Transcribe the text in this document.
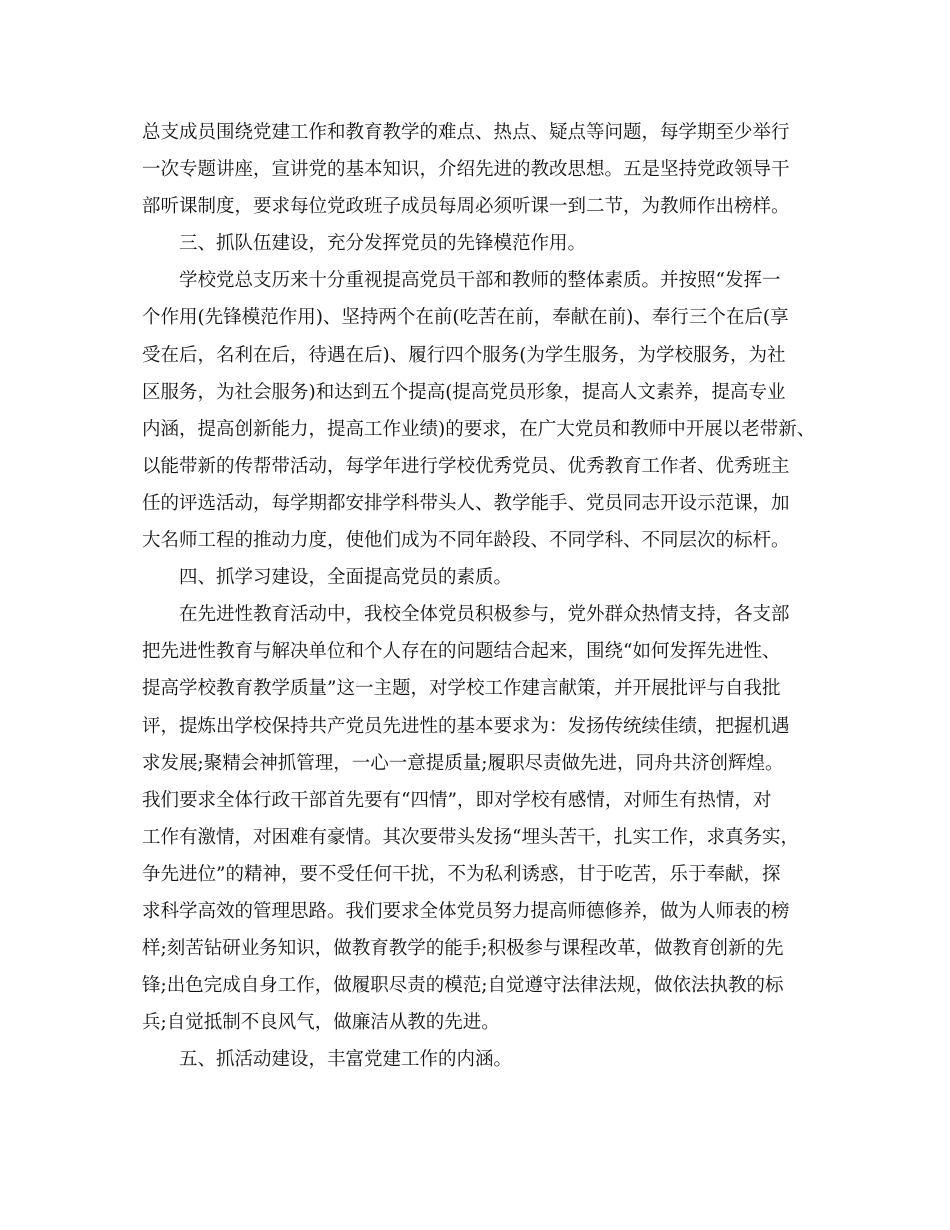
总支成员围绕党建工作和教育教学的难点、热点、疑点等问题，每学期至少举行
一次专题讲座，宣讲党的基本知识，介绍先进的教改思想。五是坚持党政领导干
部听课制度，要求每位党政班子成员每周必须听课一到二节，为教师作出榜样。
三、抓队伍建设，充分发挥党员的先锋模范作用。
学校党总支历来十分重视提高党员干部和教师的整体素质。并按照“发挥一
个作用(先锋模范作用)、坚持两个在前(吃苦在前，奉献在前)、奉行三个在后(享
受在后，名利在后，待遇在后)、履行四个服务(为学生服务，为学校服务，为社
区服务，为社会服务)和达到五个提高(提高党员形象，提高人文素养，提高专业
内涵，提高创新能力，提高工作业绩)的要求，在广大党员和教师中开展以老带新、
以能带新的传帮带活动，每学年进行学校优秀党员、优秀教育工作者、优秀班主
任的评选活动，每学期都安排学科带头人、教学能手、党员同志开设示范课，加
大名师工程的推动力度，使他们成为不同年龄段、不同学科、不同层次的标杆。
四、抓学习建设，全面提高党员的素质。
在先进性教育活动中，我校全体党员积极参与，党外群众热情支持，各支部
把先进性教育与解决单位和个人存在的问题结合起来，围绕“如何发挥先进性、
提高学校教育教学质量”这一主题，对学校工作建言献策，并开展批评与自我批
评，提炼出学校保持共产党员先进性的基本要求为：发扬传统续佳绩，把握机遇
求发展;聚精会神抓管理，一心一意提质量;履职尽责做先进，同舟共济创辉煌。
我们要求全体行政干部首先要有“四情”，即对学校有感情，对师生有热情，对
工作有激情，对困难有豪情。其次要带头发扬“埋头苦干，扎实工作，求真务实，
争先进位”的精神，要不受任何干扰，不为私利诱惑，甘于吃苦，乐于奉献，探
求科学高效的管理思路。我们要求全体党员努力提高师德修养，做为人师表的榜
样;刻苦钻研业务知识，做教育教学的能手;积极参与课程改革，做教育创新的先
锋;出色完成自身工作，做履职尽责的模范;自觉遵守法律法规，做依法执教的标
兵;自觉抵制不良风气，做廉洁从教的先进。
五、抓活动建设，丰富党建工作的内涵。
